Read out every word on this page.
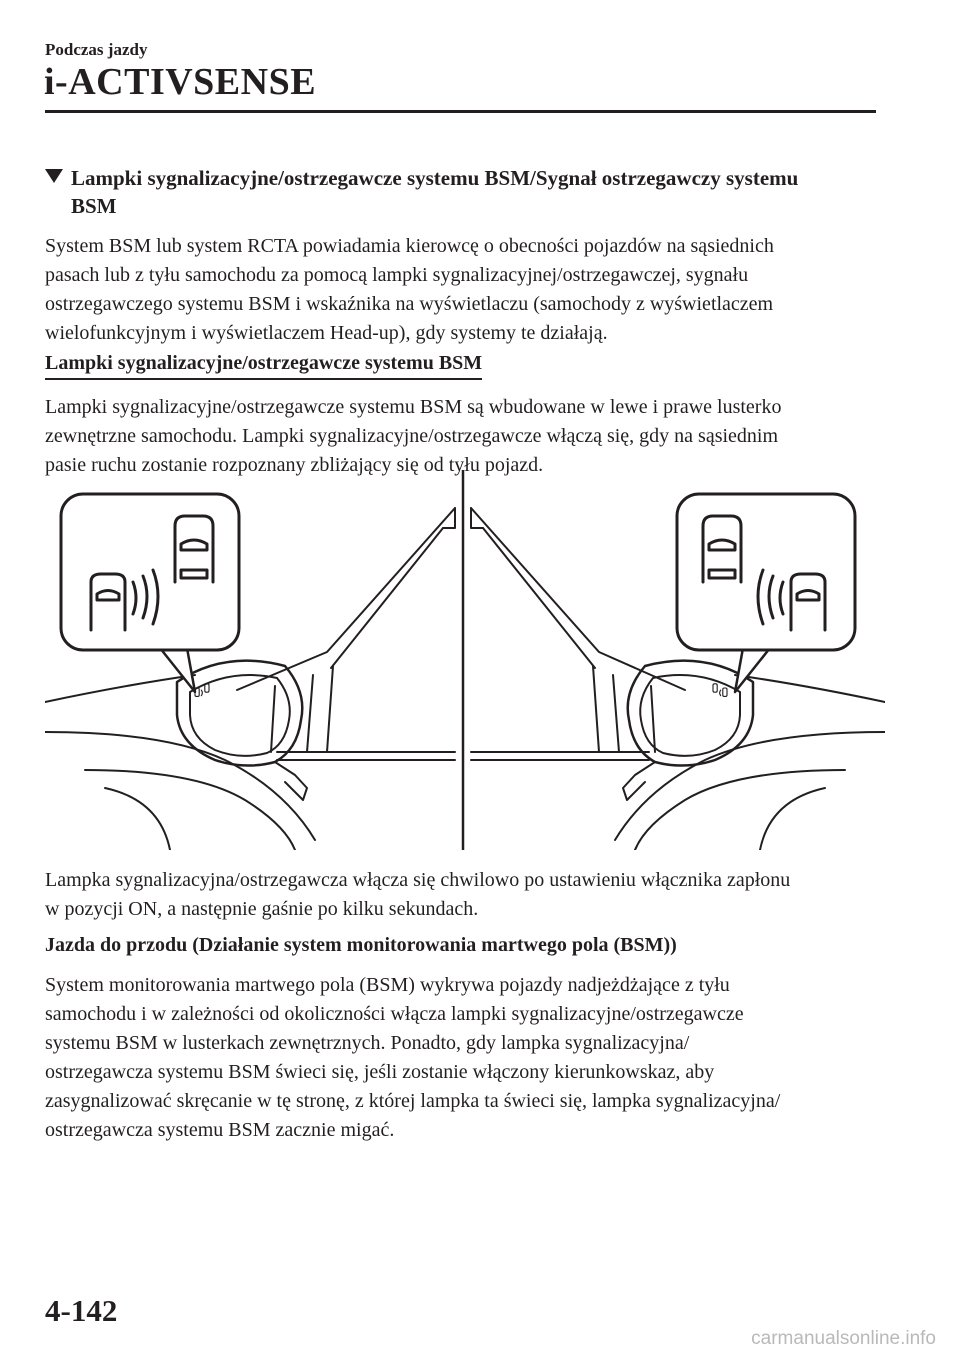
Podczas jazdy
i-ACTIVSENSE
Lampki sygnalizacyjne/ostrzegawcze systemu BSM/Sygnał ostrzegawczy systemu
BSM
System BSM lub system RCTA powiadamia kierowcę o obecności pojazdów na sąsiednich
pasach lub z tyłu samochodu za pomocą lampki sygnalizacyjnej/ostrzegawczej, sygnału
ostrzegawczego systemu BSM i wskaźnika na wyświetlaczu (samochody z wyświetlaczem
wielofunkcyjnym i wyświetlaczem Head-up), gdy systemy te działają.
Lampki sygnalizacyjne/ostrzegawcze systemu BSM
Lampki sygnalizacyjne/ostrzegawcze systemu BSM są wbudowane w lewe i prawe lusterko
zewnętrzne samochodu. Lampki sygnalizacyjne/ostrzegawcze włączą się, gdy na sąsiednim
pasie ruchu zostanie rozpoznany zbliżający się od tyłu pojazd.
Lampka sygnalizacyjna/ostrzegawcza włącza się chwilowo po ustawieniu włącznika zapłonu
w pozycji ON, a następnie gaśnie po kilku sekundach.
Jazda do przodu (Działanie system monitorowania martwego pola (BSM))
System monitorowania martwego pola (BSM) wykrywa pojazdy nadjeżdżające z tyłu
samochodu i w zależności od okoliczności włącza lampki sygnalizacyjne/ostrzegawcze
systemu BSM w lusterkach zewnętrznych. Ponadto, gdy lampka sygnalizacyjna/
ostrzegawcza systemu BSM świeci się, jeśli zostanie włączony kierunkowskaz, aby
zasygnalizować skręcanie w tę stronę, z której lampka ta świeci się, lampka sygnalizacyjna/
ostrzegawcza systemu BSM zacznie migać.
4-142
carmanualsonline.info
